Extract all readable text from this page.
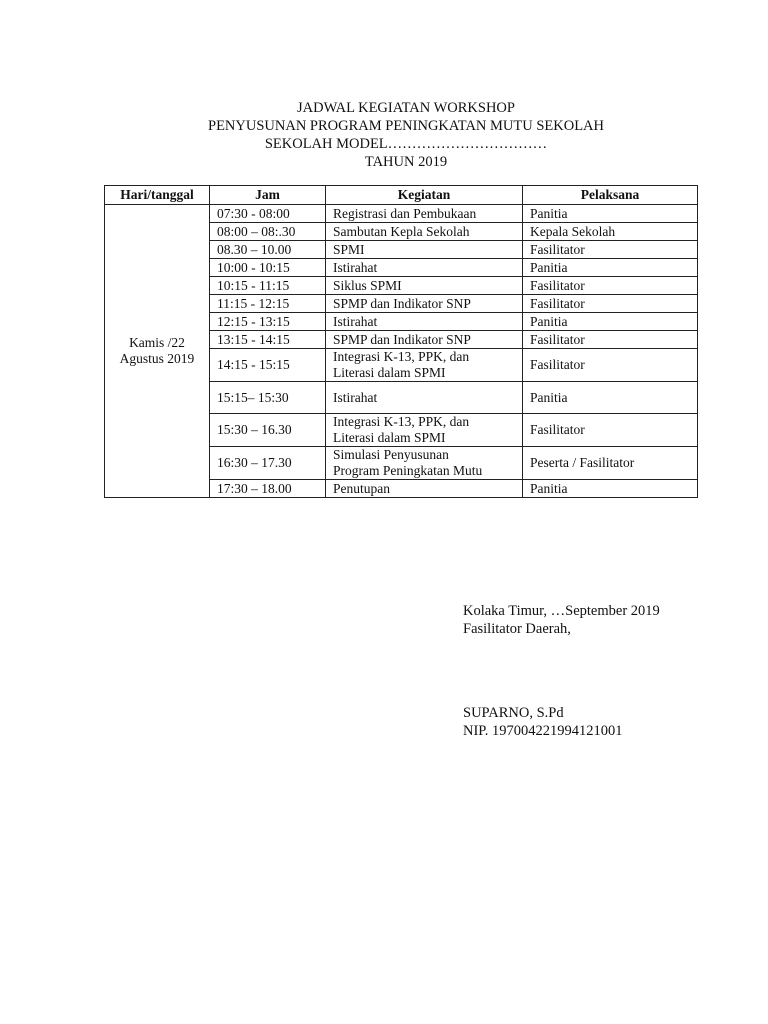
JADWAL KEGIATAN WORKSHOP
PENYUSUNAN PROGRAM PENINGKATAN MUTU SEKOLAH
SEKOLAH MODEL……………………………
TAHUN 2019
Hari/tanggal	Jam	Kegiatan	Pelaksana
Kamis /22 Agustus 2019	07:30 - 08:00	Registrasi dan Pembukaan	Panitia
	08:00 – 08:.30	Sambutan Kepla Sekolah	Kepala Sekolah
	08.30 – 10.00	SPMI	Fasilitator
	10:00 - 10:15	Istirahat	Panitia
	10:15 - 11:15	Siklus SPMI	Fasilitator
	11:15 - 12:15	SPMP dan Indikator SNP	Fasilitator
	12:15 - 13:15	Istirahat	Panitia
	13:15 - 14:15	SPMP dan Indikator SNP	Fasilitator
	14:15 - 15:15	Integrasi K-13, PPK, dan
Literasi dalam SPMI	Fasilitator
	15:15– 15:30	Istirahat	Panitia
	15:30 – 16.30	Integrasi K-13, PPK, dan
Literasi dalam SPMI	Fasilitator
	16:30 – 17.30	Simulasi Penyusunan
Program Peningkatan Mutu	Peserta / Fasilitator
	17:30 – 18.00	Penutupan	Panitia
Kolaka Timur, …September 2019
Fasilitator Daerah,
SUPARNO, S.Pd
NIP. 197004221994121001
